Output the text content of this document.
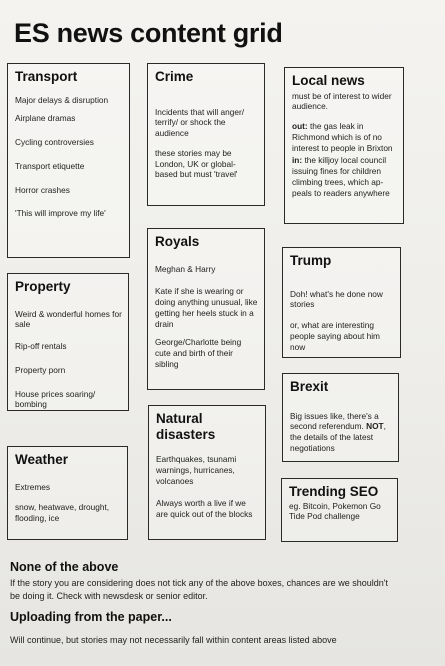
ES news content grid
Transport

Major delays & disruption

Airplane dramas

Cycling controversies

Transport etiquette

Horror crashes

'This will improve my life'

Crime

Incidents that will anger/ terrify/ or shock the audience

these stories may be London, UK or global-based but must 'travel'

Local news

must be of interest to wider audience.

out: the gas leak in Richmond which is of no interest to people in Brixton

in: the killjoy local council issuing fines for children climbing trees, which ap- peals to readers anywhere

Royals

Meghan & Harry

Kate if she is wearing or doing anything unusual, like getting her heels stuck in a drain

George/Charlotte being cute and birth of their sibling

Trump

Doh! what's he done now stories

or, what are interesting people saying about him now

Property

Weird & wonderful homes for sale

Rip-off rentals

Property porn

House prices soaring/ bombing

Brexit

Big issues like, there's a second referendum. NOT, the details of the latest negotiations

Natural disasters

Earthquakes, tsunami warnings, hurricanes, volcanoes

Always worth a live if we are quick out of the blocks

Weather

Extremes

snow, heatwave, drought, flooding, ice

Trending SEO

eg. Bitcoin, Pokemon Go Tide Pod challenge

None of the above
If the story you are considering does not tick any of the above boxes, chances are we shouldn't be doing it. Check with newsdesk or senior editor.
Uploading from the paper...
Will continue, but stories may not necessarily fall within content areas listed above
